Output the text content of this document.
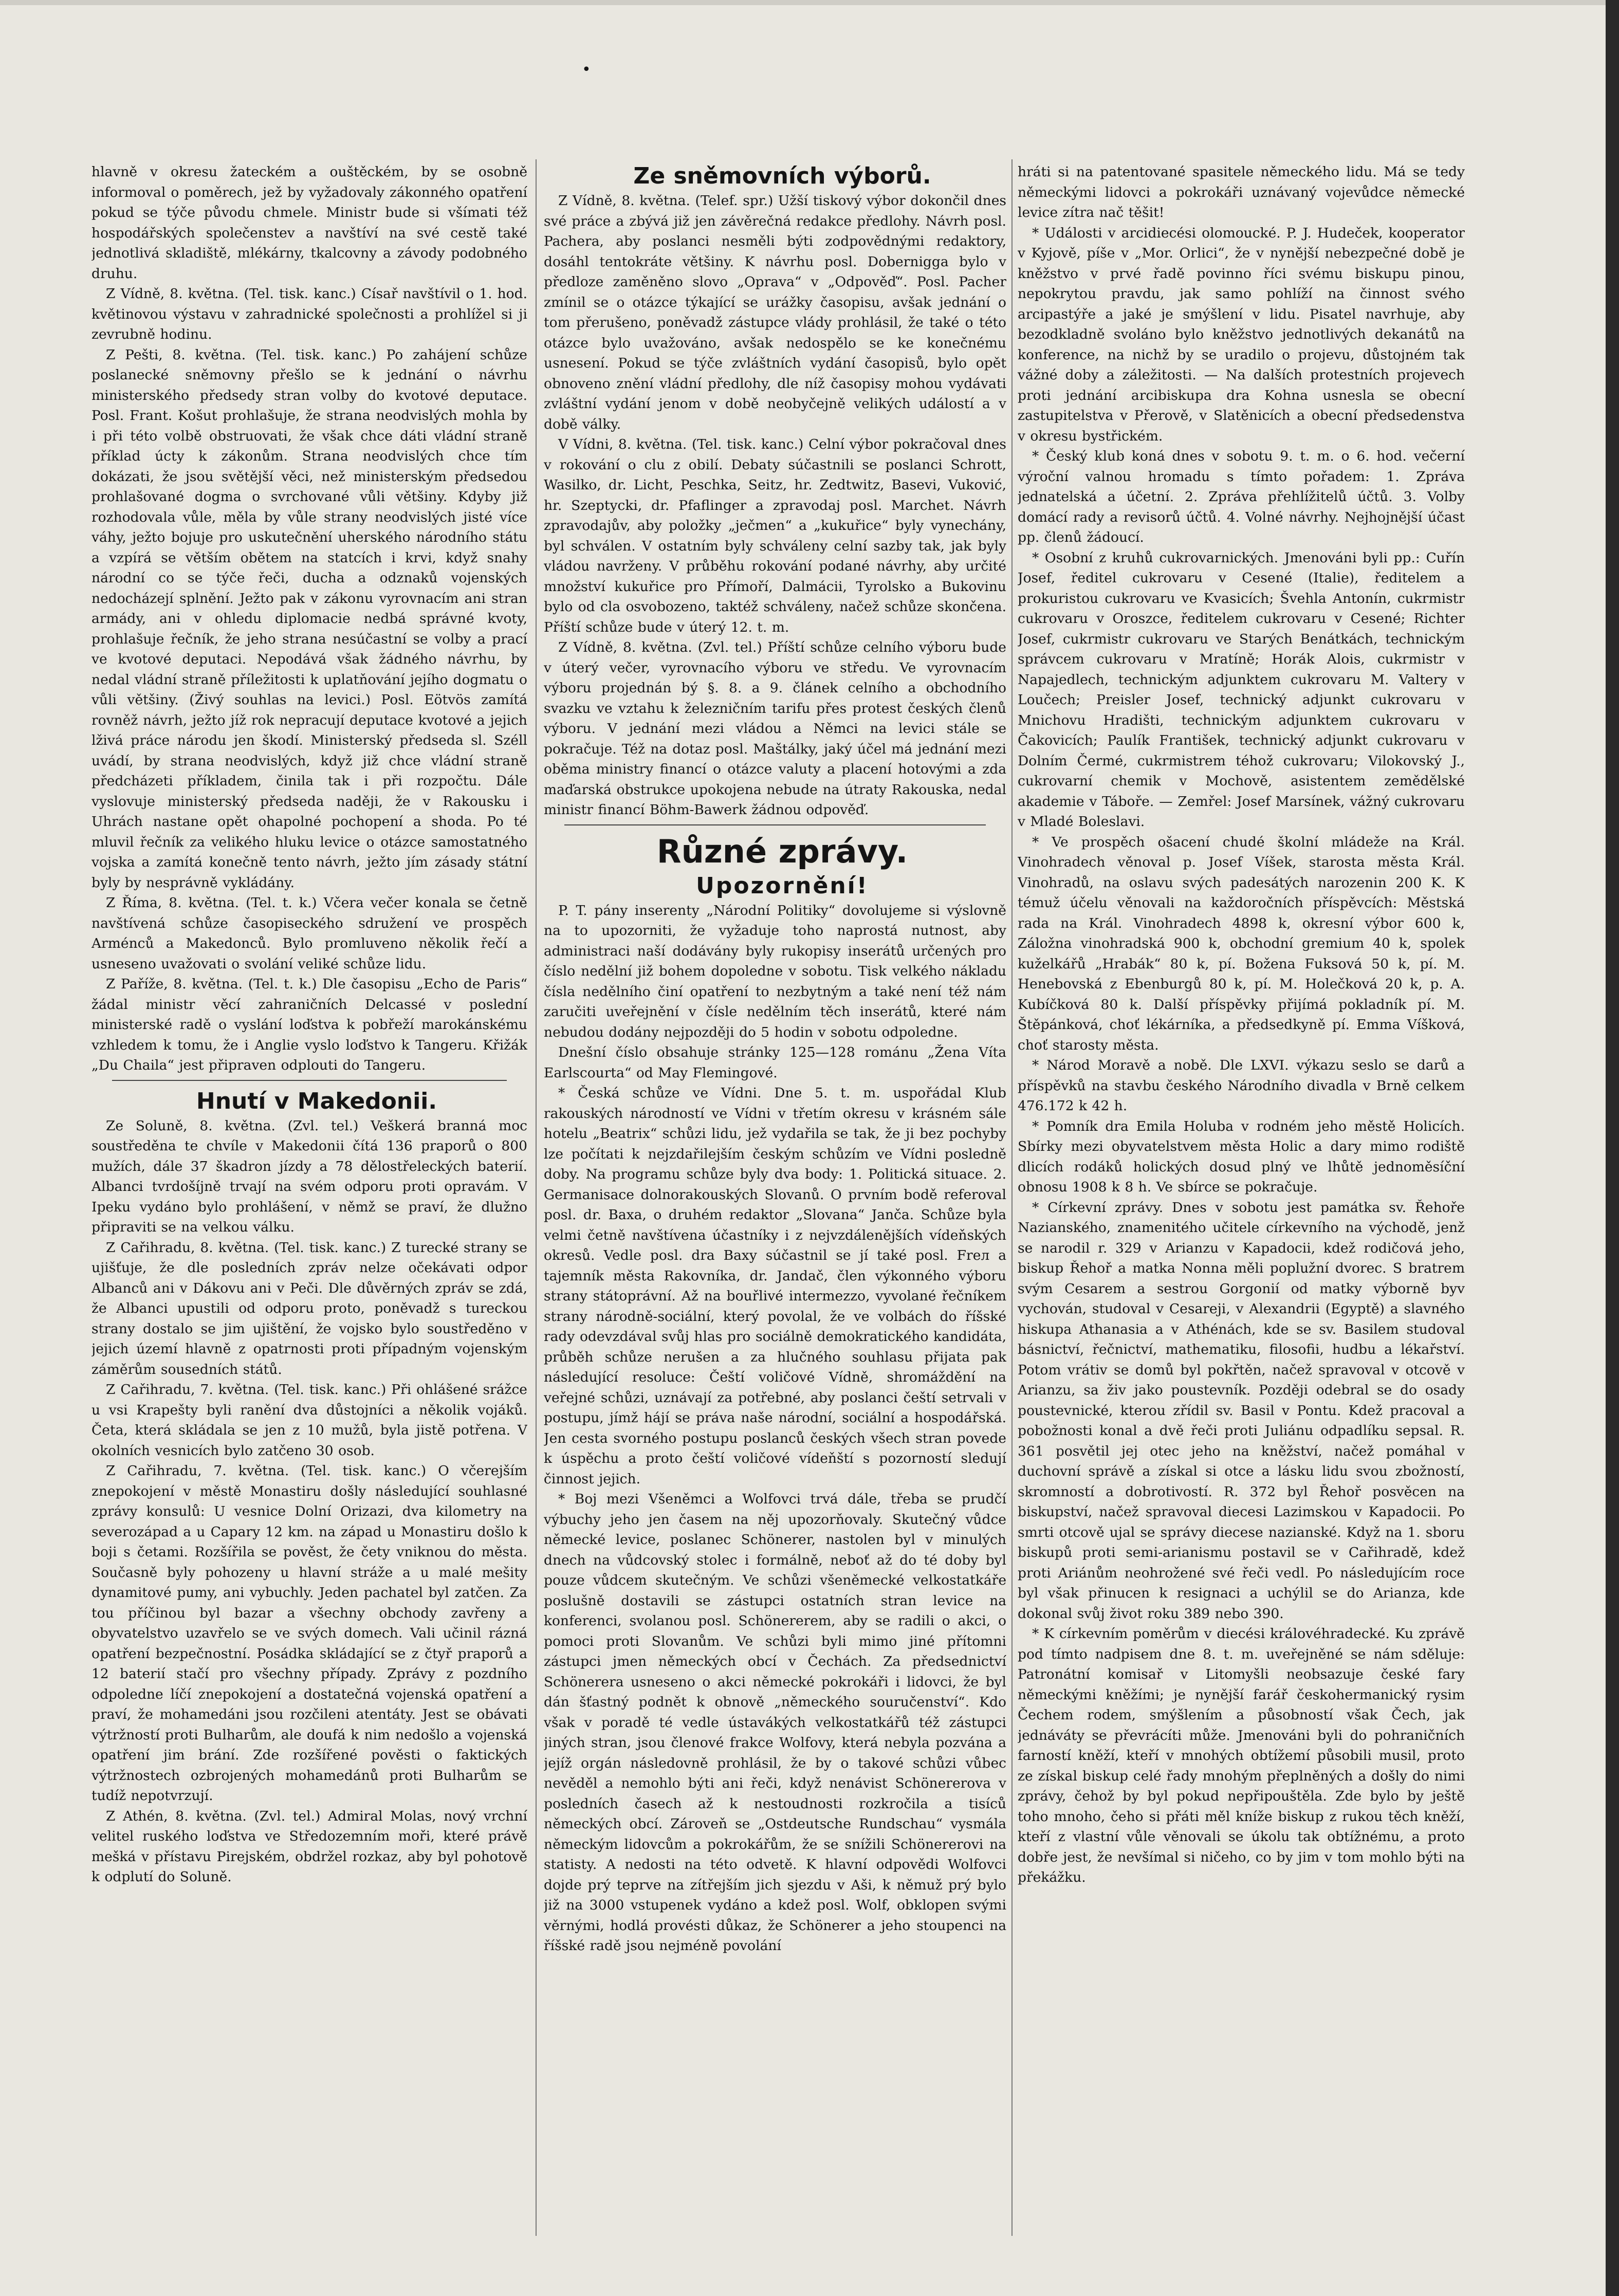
•

hlavně v okresu žateckém a ouštěckém, by se osobně informoval o poměrech, jež by vyžadovaly zákonného opatření pokud se týče původu chmele. Ministr bude si všímati též hospodářských společenstev a navštíví na své cestě také jednotlivá skladiště, mlékárny, tkalcovny a závody podobného druhu.

Z Vídně, 8. května. (Tel. tisk. kanc.) Císař navštívil o 1. hod. květinovou výstavu v zahradnické společnosti a prohlížel si ji zevrubně hodinu.

Z Pešti, 8. května. (Tel. tisk. kanc.) Po zahájení schůze poslanecké sněmovny přešlo se k jednání o návrhu ministerského předsedy stran volby do kvotové deputace. Posl. Frant. Košut prohlašuje, že strana neodvislých mohla by i při této volbě obstruovati, že však chce dáti vládní straně příklad úcty k zákonům. Strana neodvislých chce tím dokázati, že jsou světější věci, než ministerským předsedou prohlašované dogma o svrchované vůli většiny. Kdyby již rozhodovala vůle, měla by vůle strany neodvislých jisté více váhy, ježto bojuje pro uskutečnění uherského národního státu a vzpírá se větším obětem na statcích i krvi, když snahy národní co se týče řeči, ducha a odznaků vojenských nedocházejí splnění. Ježto pak v zákonu vyrovnacím ani stran armády, ani v ohledu diplomacie nedbá správné kvoty, prohlašuje řečník, že jeho strana nesúčastní se volby a prací ve kvotové deputaci. Nepodává však žádného návrhu, by nedal vládní straně příležitosti k uplatňování jejího dogmatu o vůli většiny. (Živý souhlas na levici.) Posl. Eötvös zamítá rovněž návrh, ježto jíž rok nepracují deputace kvotové a jejich lživá práce národu jen škodí. Ministerský předseda sl. Széll uvádí, by strana neodvislých, když již chce vládní straně předcházeti příkladem, činila tak i při rozpočtu. Dále vyslovuje ministerský předseda naději, že v Rakousku i Uhrách nastane opět ohapolné pochopení a shoda. Po té mluvil řečník za velikého hluku levice o otázce samostatného vojska a zamítá konečně tento návrh, ježto jím zásady státní byly by nesprávně vykládány.

Z Říma, 8. května. (Tel. t. k.) Včera večer konala se četně navštívená schůze časopiseckého sdružení ve prospěch Arménců a Makedonců. Bylo promluveno několik řečí a usneseno uvažovati o svolání veliké schůze lidu.

Z Paříže, 8. května. (Tel. t. k.) Dle časopisu „Echo de Paris“ žádal ministr věcí zahraničních Delcassé v poslední ministerské radě o vyslání loďstva k pobřeží marokánskému vzhledem k tomu, že i Anglie vyslo loďstvo k Tangeru. Křižák „Du Chaila“ jest připraven odplouti do Tangeru.

Hnutí v Makedonii.

Ze Soluně, 8. května. (Zvl. tel.) Veškerá branná moc soustředěna te chvíle v Makedonii čítá 136 praporů o 800 mužích, dále 37 škadron jízdy a 78 dělostřeleckých baterií. Albanci tvrdošíjně trvají na svém odporu proti opravám. V Ipeku vydáno bylo prohlášení, v němž se praví, že dlužno připraviti se na velkou válku.

Z Cařihradu, 8. května. (Tel. tisk. kanc.) Z turecké strany se ujišťuje, že dle posledních zpráv nelze očekávati odpor Albanců ani v Dákovu ani v Peči. Dle důvěrných zpráv se zdá, že Albanci upustili od odporu proto, poněvadž s tureckou strany dostalo se jim ujištění, že vojsko bylo soustředěno v jejich území hlavně z opatrnosti proti případným vojenským záměrům sousedních států.

Z Cařihradu, 7. května. (Tel. tisk. kanc.) Při ohlášené srážce u vsi Krapešty byli ranění dva důstojníci a několik vojáků. Četa, která skládala se jen z 10 mužů, byla jistě potřena. V okolních vesnicích bylo zatčeno 30 osob.

Z Cařihradu, 7. května. (Tel. tisk. kanc.) O včerejším znepokojení v městě Monastiru došly následující souhlasné zprávy konsulů: U vesnice Dolní Orizazi, dva kilometry na severozápad a u Capary 12 km. na západ u Monastiru došlo k boji s četami. Rozšířila se pověst, že čety vniknou do města. Současně byly pohozeny u hlavní stráže a u malé mešity dynamitové pumy, ani vybuchly. Jeden pachatel byl zatčen. Za tou příčinou byl bazar a všechny obchody zavřeny a obyvatelstvo uzavřelo se ve svých domech. Vali učinil rázná opatření bezpečnostní. Posádka skládající se z čtyř praporů a 12 baterií stačí pro všechny případy. Zprávy z pozdního odpoledne líčí znepokojení a dostatečná vojenská opatření a praví, že mohamedáni jsou rozčileni atentáty. Jest se obávati výtržností proti Bulharům, ale doufá k nim nedošlo a vojenská opatření jim brání. Zde rozšířené pověsti o faktických výtržnostech ozbrojených mohamedánů proti Bulharům se tudíž nepotvrzují.

Z Athén, 8. května. (Zvl. tel.) Admiral Molas, nový vrchní velitel ruského loďstva ve Středozemním moři, které právě mešká v přístavu Pirejském, obdržel rozkaz, aby byl pohotově k odplutí do Soluně.

Ze sněmovních výborů.

Z Vídně, 8. května. (Telef. spr.) Užší tiskový výbor dokončil dnes své práce a zbývá již jen závěrečná redakce předlohy. Návrh posl. Pachera, aby poslanci nesměli býti zodpovědnými redaktory, dosáhl tentokráte většiny. K návrhu posl. Doberniggа bylo v předloze zaměněno slovo „Oprava“ v „Odpověď“. Posl. Pacher zmínil se o otázce týkající se urážky časopisu, avšak jednání o tom přerušeno, poněvadž zástupce vlády prohlásil, že také o této otázce bylo uvažováno, avšak nedospělo se ke konečnému usnesení. Pokud se týče zvláštních vydání časopisů, bylo opět obnoveno znění vládní předlohy, dle níž časopisy mohou vydávati zvláštní vydání jenom v době neobyčejně velikých událostí a v době války.

V Vídni, 8. května. (Tel. tisk. kanc.) Celní výbor pokračoval dnes v rokování o clu z obilí. Debaty súčastnili se poslanci Schrott, Wasilko, dr. Licht, Peschka, Seitz, hr. Zedtwitz, Basevi, Vuković, hr. Szeptycki, dr. Pfaflinger a zpravodaj posl. Marchet. Návrh zpravodajův, aby položky „ječmen“ a „kukuřice“ byly vynechány, byl schválen. V ostatním byly schváleny celní sazby tak, jak byly vládou navrženy. V průběhu rokování podané návrhy, aby určité množství kukuřice pro Přímoří, Dalmácii, Tyrolsko a Bukovinu bylo od cla osvobozeno, taktéž schváleny, načež schůze skončena. Příští schůze bude v úterý 12. t. m.

Z Vídně, 8. května. (Zvl. tel.) Příští schůze celního výboru bude v úterý večer, vyrovnacího výboru ve středu. Ve vyrovnacím výboru projednán bý §. 8. a 9. článek celního a obchodního svazku ve vztahu k železničním tarifu přes protest českých členů výboru. V jednání mezi vládou a Němci na levici stále se pokračuje. Též na dotaz posl. Maštálky, jaký účel má jednání mezi oběma ministry financí o otázce valuty a placení hotovými a zda maďarská obstrukce upokojena nebude na útraty Rakouska, nedal ministr financí Böhm-Bawerk žádnou odpověď.

Různé zprávy.

Upozornění!

P. T. pány inserenty „Národní Politiky“ dovolujeme si výslovně na to upozorniti, že vyžaduje toho naprostá nutnost, aby administraci naší dodávány byly rukopisy inserátů určených pro číslo nedělní již bohem dopoledne v sobotu. Tisk velkého nákladu čísla nedělního činí opatření to nezbytným a také není též nám zaručiti uveřejnění v čísle nedělním těch inserátů, které nám nebudou dodány nejpozději do 5 hodin v sobotu odpoledne.

Dnešní číslo obsahuje stránky 125—128 románu „Žena Víta Earlscourta“ od May Flemingové.

* Česká schůze ve Vídni. Dne 5. t. m. uspořádal Klub rakouských národností ve Vídni v třetím okresu v krásném sále hotelu „Beatrix“ schůzi lidu, jež vydařila se tak, že ji bez pochyby lze počítati k nejzdařilejším českým schůzím ve Vídni posledně doby. Na programu schůze byly dva body: 1. Politická situace. 2. Germanisace dolnorakouských Slovanů. O prvním bodě referoval posl. dr. Baxa, o druhém redaktor „Slovana“ Janča. Schůze byla velmi četně navštívena účastníky i z nejvzdálenějších vídeňských okresů. Vedle posl. dra Baxy súčastnil se jí také posl. Frел a tajemník města Rakovníka, dr. Jandač, člen výkonného výboru strany státoprávní. Až na bouřlivé intermezzo, vyvolané řečníkem strany národně-sociální, který povolal, že ve volbách do říšské rady odevzdával svůj hlas pro sociálně demokratického kandidáta, průběh schůze nerušen a za hlučného souhlasu přijata pak následující resoluce: Čeští voličové Vídně, shromáždění na veřejné schůzi, uznávají za potřebné, aby poslanci čeští setrvali v postupu, jímž hájí se práva naše národní, sociální a hospodářská. Jen cesta svorného postupu poslanců českých všech stran povede k úspěchu a proto čeští voličové vídeňští s pozorností sledují činnost jejich.

* Boj mezi Všeněmci a Wolfovci trvá dále, třeba se prudčí výbuchy jeho jen časem na něj upozorňovaly. Skutečný vůdce německé levice, poslanec Schönerer, nastolen byl v minulých dnech na vůdcovský stolec i formálně, neboť až do té doby byl pouze vůdcem skutečným. Ve schůzi všeněmecké velkostatkáře poslušně dostavili se zástupci ostatních stran levice na konferenci, svolanou posl. Schönererem, aby se radili o akci, o pomoci proti Slovanům. Ve schůzi byli mimo jiné přítomni zástupci jmen německých obcí v Čechách. Za předsednictví Schönerera usneseno o akci německé pokrokáři i lidovci, že byl dán šťastný podnět k obnově „německého souručenství“. Kdo však v poradě té vedle ústavákých velkostatkářů též zástupci jiných stran, jsou členové frakce Wolfovy, která nebyla pozvána a jejíž orgán následovně prohlásil, že by o takové schůzi vůbec nevěděl a nemohlo býti ani řeči, když nenávist Schönererova v posledních časech až k nestoudnosti rozkročila a tisíců německých obcí. Zároveň se „Ostdeutsche Rundschau“ vysmála německým lidovcům a pokrokářům, že se snížili Schönererovi na statisty. A nedosti na této odvetě. K hlavní odpovědi Wolfovci dojde prý teprve na zítřejším jich sjezdu v Aši, k němuž prý bylo již na 3000 vstupenek vydáno a kdež posl. Wolf, obklopen svými věrnými, hodlá provésti důkaz, že Schönerer a jeho stoupenci na říšské radě jsou nejméně povolání

hráti si na patentované spasitele německého lidu. Má se tedy německými lidovci a pokrokáři uznávaný vojevůdce německé levice zítra nač těšit!

* Události v arcidiecési olomoucké. P. J. Hudeček, kooperator v Kyjově, píše v „Mor. Orlici“, že v nynější nebezpečné době je kněžstvo v prvé řadě povinno říci svému biskupu pinou, nepokrytou pravdu, jak samo pohlíží na činnost svého arcipastýře a jaké je smýšlení v lidu. Pisatel navrhuje, aby bezodkladně svoláno bylo kněžstvo jednotlivých dekanátů na konference, na nichž by se uradilo o projevu, důstojném tak vážné doby a záležitosti. — Na dalších protestních projevech proti jednání arcibiskupa dra Kohna usnesla se obecní zastupitelstva v Přerově, v Slatěnicích a obecní předsedenstva v okresu bystřickém.

* Český klub koná dnes v sobotu 9. t. m. o 6. hod. večerní výroční valnou hromadu s tímto pořadem: 1. Zpráva jednatelská a účetní. 2. Zpráva přehlížitelů účtů. 3. Volby domácí rady a revisorů účtů. 4. Volné návrhy. Nejhojnější účast pp. členů žádoucí.

* Osobní z kruhů cukrovarnických. Jmenováni byli pp.: Cuřín Josef, ředitel cukrovaru v Cesené (Italie), ředitelem a prokuristou cukrovaru ve Kvasicích; Švehla Antonín, cukrmistr cukrovaru v Oroszce, ředitelem cukrovaru v Cesené; Richter Josef, cukrmistr cukrovaru ve Starých Benátkách, technickým správcem cukrovaru v Mratíně; Horák Alois, cukrmistr v Napajedlech, technickým adjunktem cukrovaru M. Valtery v Loučech; Preisler Josef, technický adjunkt cukrovaru v Mnichovu Hradišti, technickým adjunktem cukrovaru v Čakovicích; Paulík František, technický adjunkt cukrovaru v Dolním Čermé, cukrmistrem téhož cukrovaru; Vilokovský J., cukrovarní chemik v Mochově, asistentem zemědělské akademie v Táboře. — Zemřel: Josef Marsínek, vážný cukrovaru v Mladé Boleslavi.

* Ve prospěch ošacení chudé školní mládeže na Král. Vinohradech věnoval p. Josef Víšek, starosta města Král. Vinohradů, na oslavu svých padesátých narozenin 200 K. K témuž účelu věnovali na každoročních příspěvcích: Městská rada na Král. Vinohradech 4898 k, okresní výbor 600 k, Záložna vinohradská 900 k, obchodní gremium 40 k, spolek kuželkářů „Hrabák“ 80 k, pí. Božena Fuksová 50 k, pí. M. Henebovská z Ebenburgů 80 k, pí. M. Holečková 20 k, p. A. Kubíčková 80 k. Další příspěvky přijímá pokladník pí. M. Štěpánková, choť lékárníka, a předsedkyně pí. Emma Víšková, choť starosty města.

* Národ Moravě a nobě. Dle LXVI. výkazu seslo se darů a příspěvků na stavbu českého Národního divadla v Brně celkem 476.172 k 42 h.

* Pomník dra Emila Holuba v rodném jeho městě Holicích. Sbírky mezi obyvatelstvem města Holic a dary mimo rodiště dlicích rodáků holických dosud plný ve lhůtě jednoměsíční obnosu 1908 k 8 h. Ve sbírce se pokračuje.

* Církevní zprávy. Dnes v sobotu jest památka sv. Řehoře Nazianského, znamenitého učitele církevního na východě, jenž se narodil r. 329 v Arianzu v Kapadocii, kdež rodičová jeho, biskup Řehoř a matka Nonna měli poplužní dvorec. S bratrem svým Cesarem a sestrou Gorgonií od matky výborně byv vychován, studoval v Cesareji, v Alexandrii (Egyptě) a slavného hiskupa Athanasia a v Athénách, kde se sv. Basilem studoval básnictví, řečnictví, mathematiku, filosofii, hudbu a lékařství. Potom vrátiv se domů byl pokřtěn, načež spravoval v otcově v Arianzu, sa živ jako poustevník. Později odebral se do osady poustevnické, kterou zřídil sv. Basil v Pontu. Kdež pracoval a pobožnosti konal a dvě řeči proti Juliánu odpadlíku sepsal. R. 361 posvětil jej otec jeho na kněžství, načež pomáhal v duchovní správě a získal si otce a lásku lidu svou zbožností, skromností a dobrotivostí. R. 372 byl Řehoř posvěcen na biskupství, načež spravoval diecesi Lazimskou v Kapadocii. Po smrti otcově ujal se správy diecese nazianské. Když na 1. sboru biskupů proti semi-arianismu postavil se v Cařihradě, kdež proti Ariánům neohrožené své řeči vedl. Po následujícím roce byl však přinucen k resignaci a uchýlil se do Arianza, kde dokonal svůj život roku 389 nebo 390.

* K církevním poměrům v diecési královéhradecké. Ku zprávě pod tímto nadpisem dne 8. t. m. uveřejněné se nám sděluje: Patronátní komisař v Litomyšli neobsazuje české fary německými kněžími; je nynější farář českohermanický rysim Čechem rodem, smýšlením a působností však Čech, jak jednáváty se převrácíti může. Jmenováni byli do pohraničních farností kněží, kteří v mnohých obtížemí působili musil, proto ze získal biskup celé řady mnohým přeplněných a došly do nimi zprávy, čehož by byl pokud nepřipouštěla. Zde bylo by ještě toho mnoho, čeho si přáti měl kníže biskup z rukou těch kněží, kteří z vlastní vůle věnovali se úkolu tak obtížnému, a proto dobře jest, že nevšímal si ničeho, co by jim v tom mohlo býti na překážku.
